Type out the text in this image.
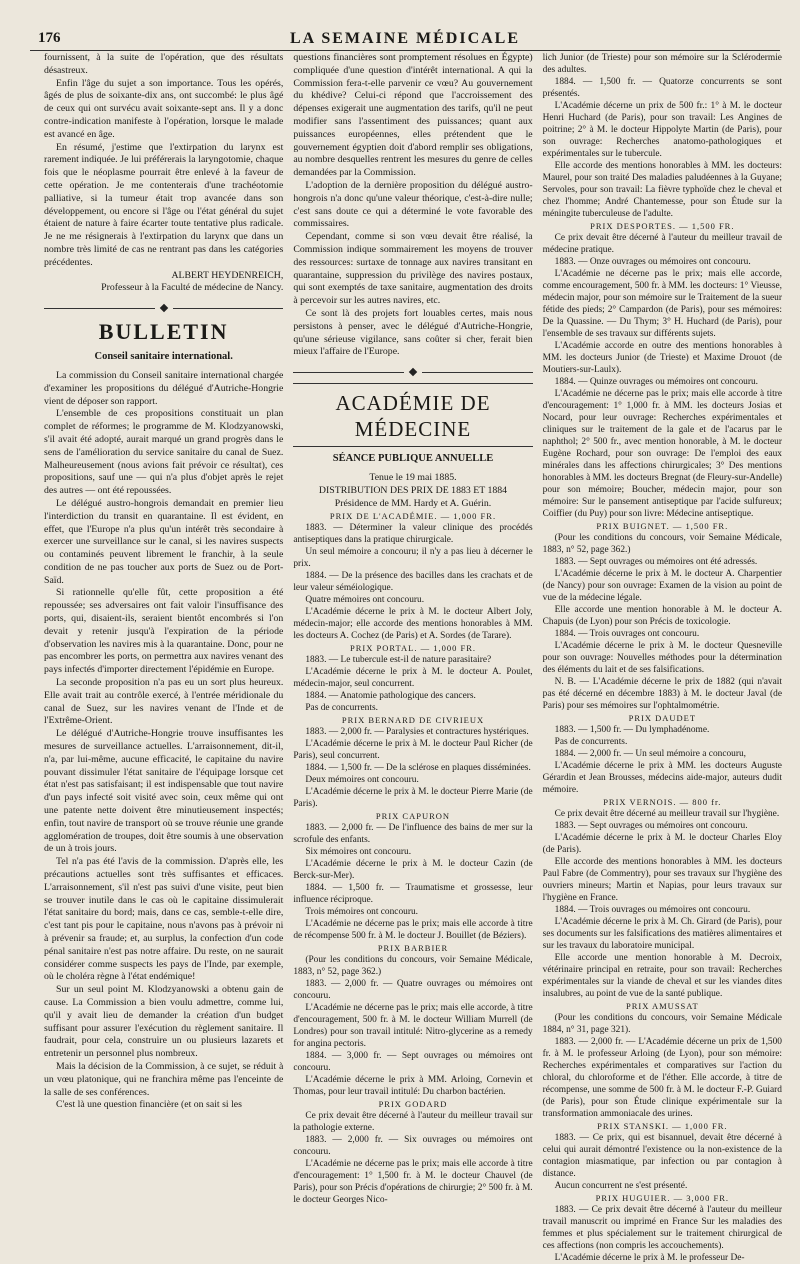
176	LA SEMAINE MÉDICALE

fournissent, à la suite de l'opération, que des résultats désastreux.

Enfin l'âge du sujet a son importance. Tous les opérés, âgés de plus de soixante-dix ans, ont succombé: le plus âgé de ceux qui ont survécu avait soixante-sept ans. Il y a donc contre-indication manifeste à l'opération, lorsque le malade est avancé en âge.

En résumé, j'estime que l'extirpation du larynx est rarement indiquée. Je lui préférerais la laryngotomie, chaque fois que le néoplasme pourrait être enlevé à la faveur de cette opération. Je me contenterais d'une trachéotomie palliative, si la tumeur était trop avancée dans son développement, ou encore si l'âge ou l'état général du sujet étaient de nature à faire écarter toute tentative plus radicale. Je ne me résignerais à l'extirpation du larynx que dans un nombre très limité de cas ne rentrant pas dans les catégories précédentes.

ALBERT HEYDENREICH,

Professeur à la Faculté de médecine de Nancy.

BULLETIN
Conseil sanitaire international.

La commission du Conseil sanitaire international chargée d'examiner les propositions du délégué d'Autriche-Hongrie vient de déposer son rapport.

L'ensemble de ces propositions constituait un plan complet de réformes; le programme de M. Klodzyanowski, s'il avait été adopté, aurait marqué un grand progrès dans le sens de l'amélioration du service sanitaire du canal de Suez. Malheureusement (nous avions fait prévoir ce résultat), ces propositions, sauf une — qui n'a plus d'objet après le rejet des autres — ont été repoussées.

Le délégué austro-hongrois demandait en premier lieu l'interdiction du transit en quarantaine. Il est évident, en effet, que l'Europe n'a plus qu'un intérêt très secondaire à exercer une surveillance sur le canal, si les navires suspects ou contaminés peuvent librement le franchir, à la seule condition de ne pas toucher aux ports de Suez ou de Port-Saïd.

Si rationnelle qu'elle fût, cette proposition a été repoussée; ses adversaires ont fait valoir l'insuffisance des ports, qui, disaient-ils, seraient bientôt encombrés si l'on devait y retenir jusqu'à l'expiration de la période d'observation les navires mis à la quarantaine. Donc, pour ne pas encombrer les ports, on permettra aux navires venant des pays infectés d'importer directement l'épidémie en Europe.

La seconde proposition n'a pas eu un sort plus heureux. Elle avait trait au contrôle exercé, à l'entrée méridionale du canal de Suez, sur les navires venant de l'Inde et de l'Extrême-Orient.

Le délégué d'Autriche-Hongrie trouve insuffisantes les mesures de surveillance actuelles. L'arraisonnement, dit-il, n'a, par lui-même, aucune efficacité, le capitaine du navire pouvant dissimuler l'état sanitaire de l'équipage lorsque cet état n'est pas satisfaisant; il est indispensable que tout navire d'un pays infecté soit visité avec soin, ceux même qui ont une patente nette doivent être minutieusement inspectés; enfin, tout navire de transport où se trouve réunie une grande agglomération de troupes, doit être soumis à une observation de un à trois jours.

Tel n'a pas été l'avis de la commission. D'après elle, les précautions actuelles sont très suffisantes et efficaces. L'arraisonnement, s'il n'est pas suivi d'une visite, peut bien se trouver inutile dans le cas où le capitaine dissimulerait l'état sanitaire du bord; mais, dans ce cas, semble-t-elle dire, c'est tant pis pour le capitaine, nous n'avons pas à prévoir ni à prévenir sa fraude; et, au surplus, la confection d'un code pénal sanitaire n'est pas notre affaire. Du reste, on ne saurait considérer comme suspects les pays de l'Inde, par exemple, où le choléra règne à l'état endémique!

Sur un seul point M. Klodzyanowski a obtenu gain de cause. La Commission a bien voulu admettre, comme lui, qu'il y avait lieu de demander la création d'un budget suffisant pour assurer l'exécution du règlement sanitaire. Il faudrait, pour cela, construire un ou plusieurs lazarets et entretenir un personnel plus nombreux.

Mais la décision de la Commission, à ce sujet, se réduit à un vœu platonique, qui ne franchira même pas l'enceinte de la salle de ses conférences.

C'est là une question financière (et on sait si les

questions financières sont promptement résolues en Égypte) compliquée d'une question d'intérêt international. A qui la Commission fera-t-elle parvenir ce vœu? Au gouvernement du khédive? Celui-ci répond que l'accroissement des dépenses exigerait une augmentation des tarifs, qu'il ne peut modifier sans l'assentiment des puissances; quant aux puissances européennes, elles prétendent que le gouvernement égyptien doit d'abord remplir ses obligations, au nombre desquelles rentrent les mesures du genre de celles demandées par la Commission.

L'adoption de la dernière proposition du délégué austro-hongrois n'a donc qu'une valeur théorique, c'est-à-dire nulle; c'est sans doute ce qui a déterminé le vote favorable des commissaires.

Cependant, comme si son vœu devait être réalisé, la Commission indique sommairement les moyens de trouver des ressources: surtaxe de tonnage aux navires transitant en quarantaine, suppression du privilège des navires postaux, qui sont exemptés de taxe sanitaire, augmentation des droits à percevoir sur les autres navires, etc.

Ce sont là des projets fort louables certes, mais nous persistons à penser, avec le délégué d'Autriche-Hongrie, qu'une sérieuse vigilance, sans coûter si cher, ferait bien mieux l'affaire de l'Europe.

ACADÉMIE DE MÉDECINE
SÉANCE PUBLIQUE ANNUELLE

Tenue le 19 mai 1885.

DISTRIBUTION DES PRIX DE 1883 ET 1884

Présidence de MM. Hardy et A. Guérin.

PRIX DE L'ACADÉMIE. — 1,000 FR.

1883. — Déterminer la valeur clinique des procédés antiseptiques dans la pratique chirurgicale.

Un seul mémoire a concouru; il n'y a pas lieu à décerner le prix.

1884. — De la présence des bacilles dans les crachats et de leur valeur séméiologique.

Quatre mémoires ont concouru.

L'Académie décerne le prix à M. le docteur Albert Joly, médecin-major; elle accorde des mentions honorables à MM. les docteurs A. Cochez (de Paris) et A. Sordes (de Tarare).

PRIX PORTAL. — 1,000 FR.

1883. — Le tubercule est-il de nature parasitaire?

L'Académie décerne le prix à M. le docteur A. Poulet, médecin-major, seul concurrent.

1884. — Anatomie pathologique des cancers.

Pas de concurrents.

PRIX BERNARD DE CIVRIEUX

1883. — 2,000 fr. — Paralysies et contractures hystériques.

L'Académie décerne le prix à M. le docteur Paul Richer (de Paris), seul concurrent.

1884. — 1,500 fr. — De la sclérose en plaques disséminées.

Deux mémoires ont concouru.

L'Académie décerne le prix à M. le docteur Pierre Marie (de Paris).

PRIX CAPURON

1883. — 2,000 fr. — De l'influence des bains de mer sur la scrofule des enfants.

Six mémoires ont concouru.

L'Académie décerne le prix à M. le docteur Cazin (de Berck-sur-Mer).

1884. — 1,500 fr. — Traumatisme et grossesse, leur influence réciproque.

Trois mémoires ont concouru.

L'Académie ne décerne pas le prix; mais elle accorde à titre de récompense 500 fr. à M. le docteur J. Bouillet (de Béziers).

PRIX BARBIER

(Pour les conditions du concours, voir Semaine Médicale, 1883, n° 52, page 362.)

1883. — 2,000 fr. — Quatre ouvrages ou mémoires ont concouru.

L'Académie ne décerne pas le prix; mais elle accorde, à titre d'encouragement, 500 fr. à M. le docteur William Murrell (de Londres) pour son travail intitulé: Nitro-glycerine as a remedy for angina pectoris.

1884. — 3,000 fr. — Sept ouvrages ou mémoires ont concouru.

L'Académie décerne le prix à MM. Arloing, Cornevin et Thomas, pour leur travail intitulé: Du charbon bactérien.

PRIX GODARD

Ce prix devait être décerné à l'auteur du meilleur travail sur la pathologie externe.

1883. — 2,000 fr. — Six ouvrages ou mémoires ont concouru.

L'Académie ne décerne pas le prix; mais elle accorde à titre d'encouragement: 1° 1,500 fr. à M. le docteur Chauvel (de Paris), pour son Précis d'opérations de chirurgie; 2° 500 fr. à M. le docteur Georges Nico-

lich Junior (de Trieste) pour son mémoire sur la Sclérodermie des adultes.

1884. — 1,500 fr. — Quatorze concurrents se sont présentés.

L'Académie décerne un prix de 500 fr.: 1° à M. le docteur Henri Huchard (de Paris), pour son travail: Les Angines de poitrine; 2° à M. le docteur Hippolyte Martin (de Paris), pour son ouvrage: Recherches anatomo-pathologiques et expérimentales sur le tubercule.

Elle accorde des mentions honorables à MM. les docteurs: Maurel, pour son traité Des maladies paludéennes à la Guyane; Servoles, pour son travail: La fièvre typhoïde chez le cheval et chez l'homme; André Chantemesse, pour son Étude sur la méningite tuberculeuse de l'adulte.

PRIX DESPORTES. — 1,500 FR.

Ce prix devait être décerné à l'auteur du meilleur travail de médecine pratique.

1883. — Onze ouvrages ou mémoires ont concouru.

L'Académie ne décerne pas le prix; mais elle accorde, comme encouragement, 500 fr. à MM. les docteurs: 1° Vieusse, médecin major, pour son mémoire sur le Traitement de la sueur fétide des pieds; 2° Campardon (de Paris), pour ses mémoires: De la Quassine. — Du Thym; 3° H. Huchard (de Paris), pour l'ensemble de ses travaux sur différents sujets.

L'Académie accorde en outre des mentions honorables à MM. les docteurs Junior (de Trieste) et Maxime Drouot (de Moutiers-sur-Laulx).

1884. — Quinze ouvrages ou mémoires ont concouru.

L'Académie ne décerne pas le prix; mais elle accorde à titre d'encouragement: 1° 1,000 fr. à MM. les docteurs Josias et Nocard, pour leur ouvrage: Recherches expérimentales et cliniques sur le traitement de la gale et de l'acarus par le naphthol; 2° 500 fr., avec mention honorable, à M. le docteur Eugène Rochard, pour son ouvrage: De l'emploi des eaux minérales dans les affections chirurgicales; 3° Des mentions honorables à MM. les docteurs Bregnat (de Fleury-sur-Andelle) pour son mémoire; Boucher, médecin major, pour son mémoire: Sur le pansement antiseptique par l'acide sulfureux; Coiffier (du Puy) pour son livre: Médecine antiseptique.

PRIX BUIGNET. — 1,500 FR.

(Pour les conditions du concours, voir Semaine Médicale, 1883, n° 52, page 362.)

1883. — Sept ouvrages ou mémoires ont été adressés.

L'Académie décerne le prix à M. le docteur A. Charpentier (de Nancy) pour son ouvrage: Examen de la vision au point de vue de la médecine légale.

Elle accorde une mention honorable à M. le docteur A. Chapuis (de Lyon) pour son Précis de toxicologie.

1884. — Trois ouvrages ont concouru.

L'Académie décerne le prix à M. le docteur Quesneville pour son ouvrage: Nouvelles méthodes pour la détermination des éléments du lait et de ses falsifications.

N. B. — L'Académie décerne le prix de 1882 (qui n'avait pas été décerné en décembre 1883) à M. le docteur Javal (de Paris) pour ses mémoires sur l'ophtalmométrie.

PRIX DAUDET

1883. — 1,500 fr. — Du lymphadénome.

Pas de concurrents.

1884. — 2,000 fr. — Un seul mémoire a concouru,

L'Académie décerne le prix à MM. les docteurs Auguste Gérardin et Jean Brousses, médecins aide-major, auteurs dudit mémoire.

PRIX VERNOIS. — 800 fr.

Ce prix devait être décerné au meilleur travail sur l'hygiène.

1883. — Sept ouvrages ou mémoires ont concouru.

L'Académie décerne le prix à M. le docteur Charles Eloy (de Paris).

Elle accorde des mentions honorables à MM. les docteurs Paul Fabre (de Commentry), pour ses travaux sur l'hygiène des ouvriers mineurs; Martin et Napias, pour leurs travaux sur l'hygiène en France.

1884. — Trois ouvrages ou mémoires ont concouru.

L'Académie décerne le prix à M. Ch. Girard (de Paris), pour ses documents sur les falsifications des matières alimentaires et sur les travaux du laboratoire municipal.

Elle accorde une mention honorable à M. Decroix, vétérinaire principal en retraite, pour son travail: Recherches expérimentales sur la viande de cheval et sur les viandes dites insalubres, au point de vue de la santé publique.

PRIX AMUSSAT

(Pour les conditions du concours, voir Semaine Médicale 1884, n° 31, page 321).

1883. — 2,000 fr. — L'Académie décerne un prix de 1,500 fr. à M. le professeur Arloing (de Lyon), pour son mémoire: Recherches expérimentales et comparatives sur l'action du chloral, du chloroforme et de l'éther. Elle accorde, à titre de récompense, une somme de 500 fr. à M. le docteur F.-P. Guiard (de Paris), pour son Étude clinique expérimentale sur la transformation ammoniacale des urines.

PRIX STANSKI. — 1,000 FR.

1883. — Ce prix, qui est bisannuel, devait être décerné à celui qui aurait démontré l'existence ou la non-existence de la contagion miasmatique, par infection ou par contagion à distance.

Aucun concurrent ne s'est présenté.

PRIX HUGUIER. — 3,000 FR.

1883. — Ce prix devait être décerné à l'auteur du meilleur travail manuscrit ou imprimé en France Sur les maladies des femmes et plus spécialement sur le traitement chirurgical de ces affections (non compris les accouchements).

L'Académie décerne le prix à M. le professeur De-
